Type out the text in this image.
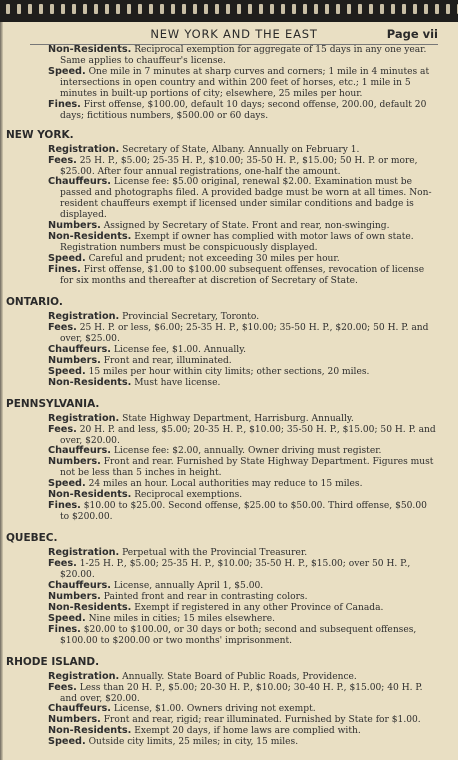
NEW YORK AND THE EAST	Page vii

Non-Residents. Reciprocal exemption for aggregate of 15 days in any one year. Same applies to chauffeur's license.

Speed. One mile in 7 minutes at sharp curves and corners; 1 mile in 4 minutes at intersections in open country and within 200 feet of horses, etc.; 1 mile in 5 minutes in built-up portions of city; elsewhere, 25 miles per hour.

Fines. First offense, $100.00, default 10 days; second offense, 200.00, default 20 days; fictitious numbers, $500.00 or 60 days.

NEW YORK.

Registration. Secretary of State, Albany. Annually on February 1.

Fees. 25 H. P., $5.00; 25-35 H. P., $10.00; 35-50 H. P., $15.00; 50 H. P. or more, $25.00. After four annual registrations, one-half the amount.

Chauffeurs. License fee: $5.00 original, renewal $2.00. Examination must be passed and photographs filed. A provided badge must be worn at all times. Non-resident chauffeurs exempt if licensed under similar conditions and badge is displayed.

Numbers. Assigned by Secretary of State. Front and rear, non-swinging.

Non-Residents. Exempt if owner has complied with motor laws of own state. Registration numbers must be conspicuously displayed.

Speed. Careful and prudent; not exceeding 30 miles per hour.

Fines. First offense, $1.00 to $100.00 subsequent offenses, revocation of license for six months and thereafter at discretion of Secretary of State.

ONTARIO.

Registration. Provincial Secretary, Toronto.

Fees. 25 H. P. or less, $6.00; 25-35 H. P., $10.00; 35-50 H. P., $20.00; 50 H. P. and over, $25.00.

Chauffeurs. License fee, $1.00. Annually.

Numbers. Front and rear, illuminated.

Speed. 15 miles per hour within city limits; other sections, 20 miles.

Non-Residents. Must have license.

PENNSYLVANIA.

Registration. State Highway Department, Harrisburg. Annually.

Fees. 20 H. P. and less, $5.00; 20-35 H. P., $10.00; 35-50 H. P., $15.00; 50 H. P. and over, $20.00.

Chauffeurs. License fee: $2.00, annually. Owner driving must register.

Numbers. Front and rear. Furnished by State Highway Department. Figures must not be less than 5 inches in height.

Speed. 24 miles an hour. Local authorities may reduce to 15 miles.

Non-Residents. Reciprocal exemptions.

Fines. $10.00 to $25.00. Second offense, $25.00 to $50.00. Third offense, $50.00 to $200.00.

QUEBEC.

Registration. Perpetual with the Provincial Treasurer.

Fees. 1-25 H. P., $5.00; 25-35 H. P., $10.00; 35-50 H. P., $15.00; over 50 H. P., $20.00.

Chauffeurs. License, annually April 1, $5.00.

Numbers. Painted front and rear in contrasting colors.

Non-Residents. Exempt if registered in any other Province of Canada.

Speed. Nine miles in cities; 15 miles elsewhere.

Fines. $20.00 to $100.00, or 30 days or both; second and subsequent offenses, $100.00 to $200.00 or two months' imprisonment.

RHODE ISLAND.

Registration. Annually. State Board of Public Roads, Providence.

Fees. Less than 20 H. P., $5.00; 20-30 H. P., $10.00; 30-40 H. P., $15.00; 40 H. P. and over, $20.00.

Chauffeurs. License, $1.00. Owners driving not exempt.

Numbers. Front and rear, rigid; rear illuminated. Furnished by State for $1.00.

Non-Residents. Exempt 20 days, if home laws are complied with.

Speed. Outside city limits, 25 miles; in city, 15 miles.
